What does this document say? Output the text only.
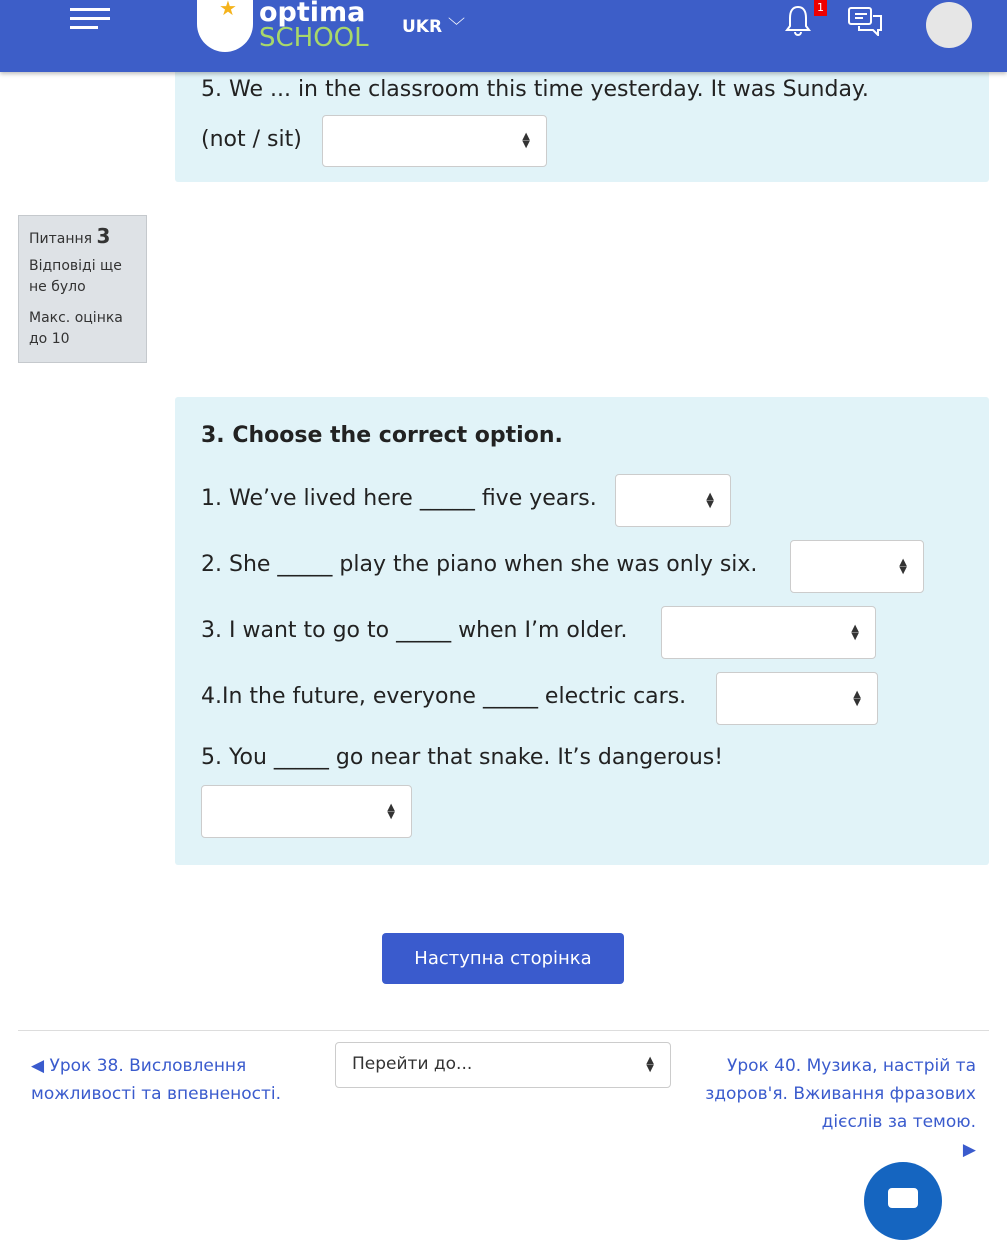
★ optima
SCHOOL UKR ﹀
1
5. We ... in the classroom this time yesterday. It was Sunday.
(not / sit)	▲
▼
Питання 3
Відповіді ще не було
Макс. оцінка до 10
3. Choose the correct option.
1. We’ve lived here _____ five years.	▲
▼
2. She _____ play the piano when she was only six.	▲
▼
3. I want to go to _____ when I’m older.	▲
▼
4.In the future, everyone _____ electric cars.	▲
▼
5. You _____ go near that snake. It’s dangerous!
▲
▼
Наступна сторінка
◀ Урок 38. Висловлення можливості та впевненості.
Перейти до...	▲
▼	Урок 40. Музика, настрій та здоров'я. Вживання фразових дієслів за темою.
▶
